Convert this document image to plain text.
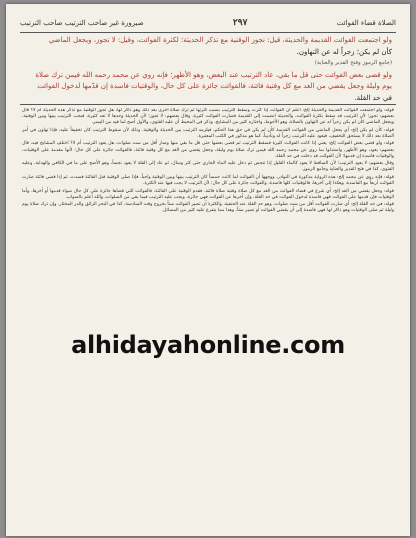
الصلاة قضاء الفوائت
٢٩٧
صيرورة غير صاحب الترتيب صاحب الترتيب

ولو اجتمعت الفوائت القديمة والحديثة، قيل: تجوز الوقتية مع تذكر الحديثة؛ لكثرة الفوائت، وقيل: لا تجوز، ويجعل الماضي

كأن لم يكن؛ زجراً له عن التهاون.

(جامع الرموز وفتح القدير والعناية)

ولو قضى بعض الفوائت حتى قل ما بقي، عاد الترتيب عند البعض، وهو الأظهر؛ فإنه روي عن محمد رحمه الله فيمن ترك صلاة

يوم وليلة وجعل يقضي من الغد مع كل وقتية فائتة، فالفوائت جائزة على كل حال، والوقتيات فاسدة إن قدّمها لدخول الفوائت

في حد القلة.

قوله: ولو اجتمعت الفوائت القديمة والحديثة إلخ: اعلم أن الفوائت إذا كثرت وسقط الترتيب بسبب كثرتها ثم ترك صلاة أخرى بعد ذلك وهو ذاكر لها، هل تجوز الوقتية مع تذكر هذه الحديثة أم لا؟ قال بعضهم: تجوز؛ لأن الترتيب قد سقط بكثرة الفوائت، والحديثة انضمت إلى القديمة فصارت الفوائت كثيرة، وقال بعضهم: لا تجوز؛ لأن الحديثة وحدها لا تعد كثيرة، فيجب الترتيب بينها وبين الوقتية، ويجعل الماضي كأن لم يكن زجراً له عن التهاون بالصلاة، وهو الأحوط، واختاره كثير من المشايخ، وذكر في المحيط أن عليه الفتوى، والأول أصح لما فيه من اليسر.

قوله: كأن لم يكن إلخ: أي يجعل الماضي من الفوائت القديمة كأن لم يكن في حق هذا الحكم، فيلزمه الترتيب بين الحديثة والوقتية، وذلك لأن سقوط الترتيب كان تخفيفاً عليه، فإذا تهاون في أمر الصلاة بعد ذلك لا يستحق التخفيف، فيعود عليه الترتيب زجراً له وتأديباً، كما هو مذكور في الكتب المعتبرة.

قوله: ولو قضى بعض الفوائت إلخ: يعني إذا كانت الفوائت كثيرة فسقط الترتيب ثم قضى بعضها حتى قل ما بقي منها وصار أقل من ست صلوات، هل يعود الترتيب أم لا؟ اختلف المشايخ فيه، قال بعضهم: يعود، وهو الأظهر، واستدلوا بما روي عن محمد رحمه الله فيمن ترك صلاة يوم وليلة، وجعل يقضي من الغد مع كل وقتية فائتة، فالفوائت جائزة على كل حال؛ لأنها مقدمة على الوقتيات، والوقتيات فاسدة إن قدمها؛ لأن الفوائت قد دخلت في حد القلة.

وقال بعضهم: لا يعود الترتيب؛ لأن الساقط لا يعود كالماء القليل إذا تنجس ثم دخل عليه الماء الجاري حتى كثر وسال، ثم عاد إلى القلة لا يعود نجساً، وهو الأصح على ما في الكافي والهداية، وعليه الفتوى، كذا في فتح القدير والعناية وجامع الرموز.

قوله: فإنه روي عن محمد إلخ: هذه الرواية مذكورة في النوادر، ووجهها أن الفوائت لما كانت خمساً كان الترتيب بينها وبين الوقتية واجباً، فإذا صلى الوقتية قبل الفائتة فسدت، ثم إذا قضى فائتة صارت الفوائت أربعاً مع الفاسدة، وهكذا إلى آخرها، فالوقتيات كلها فاسدة، والفوائت جائزة على كل حال؛ لأن الترتيب لا يجب فيها عند الكثرة.

قوله: وجعل يقضي من الغد إلخ: أي شرع في قضاء الفوائت من الغد مع كل صلاة وقتية صلاة فائتة، فقدم الوقتية على الفائتة، فالفوائت التي قضاها جائزة على كل حال سواء قدمها أو أخرها، وأما الوقتيات فإن قدمها على الفوائت فهي فاسدة لدخول الفوائت في حد القلة، وإن أخرها عن الفوائت فهي جائزة، ويجب عليه الترتيب فيما بقي من الصلوات، والله أعلم بالصواب.

قوله: في حد القلة إلخ: أي صارت الفوائت أقل من ست صلوات، وهو حد القلة عند الحنفية، والكثرة أن تصير الفوائت ستاً بخروج وقت السادسة، كذا في البحر الرائق والدر المختار، وإن ترك صلاة يوم وليلة ثم صلى الوقتيات وهو ذاكر لها فهي فاسدة إلى أن يقضي الفوائت أو تصير ستاً، وهذا مما يتفرع عليه كثير من المسائل.

alhidayahonline.com
